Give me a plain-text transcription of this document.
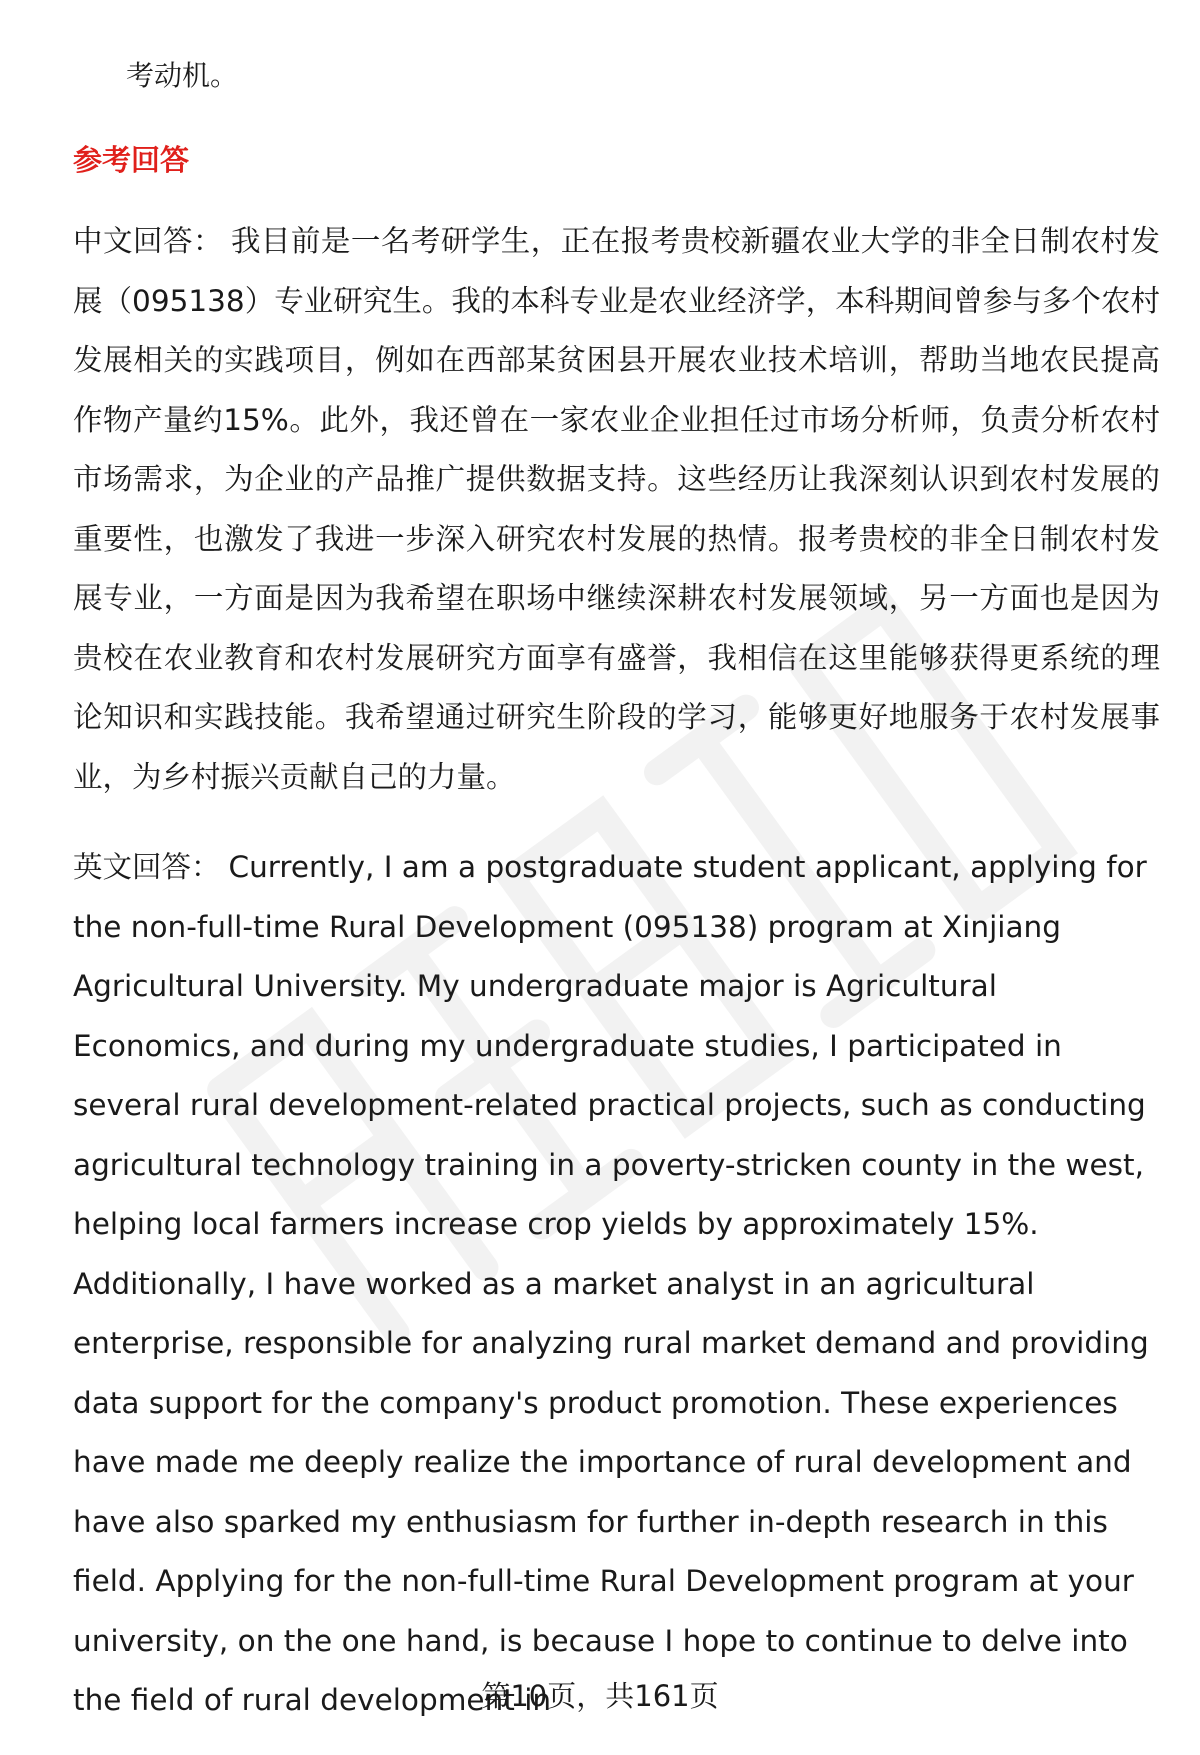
考动机。

参考回答

中文回答： 我目前是一名考研学生，正在报考贵校新疆农业大学的非全日制农村发展（095138）专业研究生。我的本科专业是农业经济学，本科期间曾参与多个农村发展相关的实践项目，例如在西部某贫困县开展农业技术培训，帮助当地农民提高作物产量约15%。此外，我还曾在一家农业企业担任过市场分析师，负责分析农村市场需求，为企业的产品推广提供数据支持。这些经历让我深刻认识到农村发展的重要性，也激发了我进一步深入研究农村发展的热情。报考贵校的非全日制农村发展专业，一方面是因为我希望在职场中继续深耕农村发展领域，另一方面也是因为贵校在农业教育和农村发展研究方面享有盛誉，我相信在这里能够获得更系统的理论知识和实践技能。我希望通过研究生阶段的学习，能够更好地服务于农村发展事业，为乡村振兴贡献自己的力量。

英文回答： Currently, I am a postgraduate student applicant, applying for the non-full-time Rural Development (095138) program at Xinjiang Agricultural University. My undergraduate major is Agricultural Economics, and during my undergraduate studies, I participated in several rural development-related practical projects, such as conducting agricultural technology training in a poverty-stricken county in the west, helping local farmers increase crop yields by approximately 15%. Additionally, I have worked as a market analyst in an agricultural enterprise, responsible for analyzing rural market demand and providing data support for the company's product promotion. These experiences have made me deeply realize the importance of rural development and have also sparked my enthusiasm for further in-depth research in this field. Applying for the non-full-time Rural Development program at your university, on the one hand, is because I hope to continue to delve into the field of rural development in

第10页，共161页
